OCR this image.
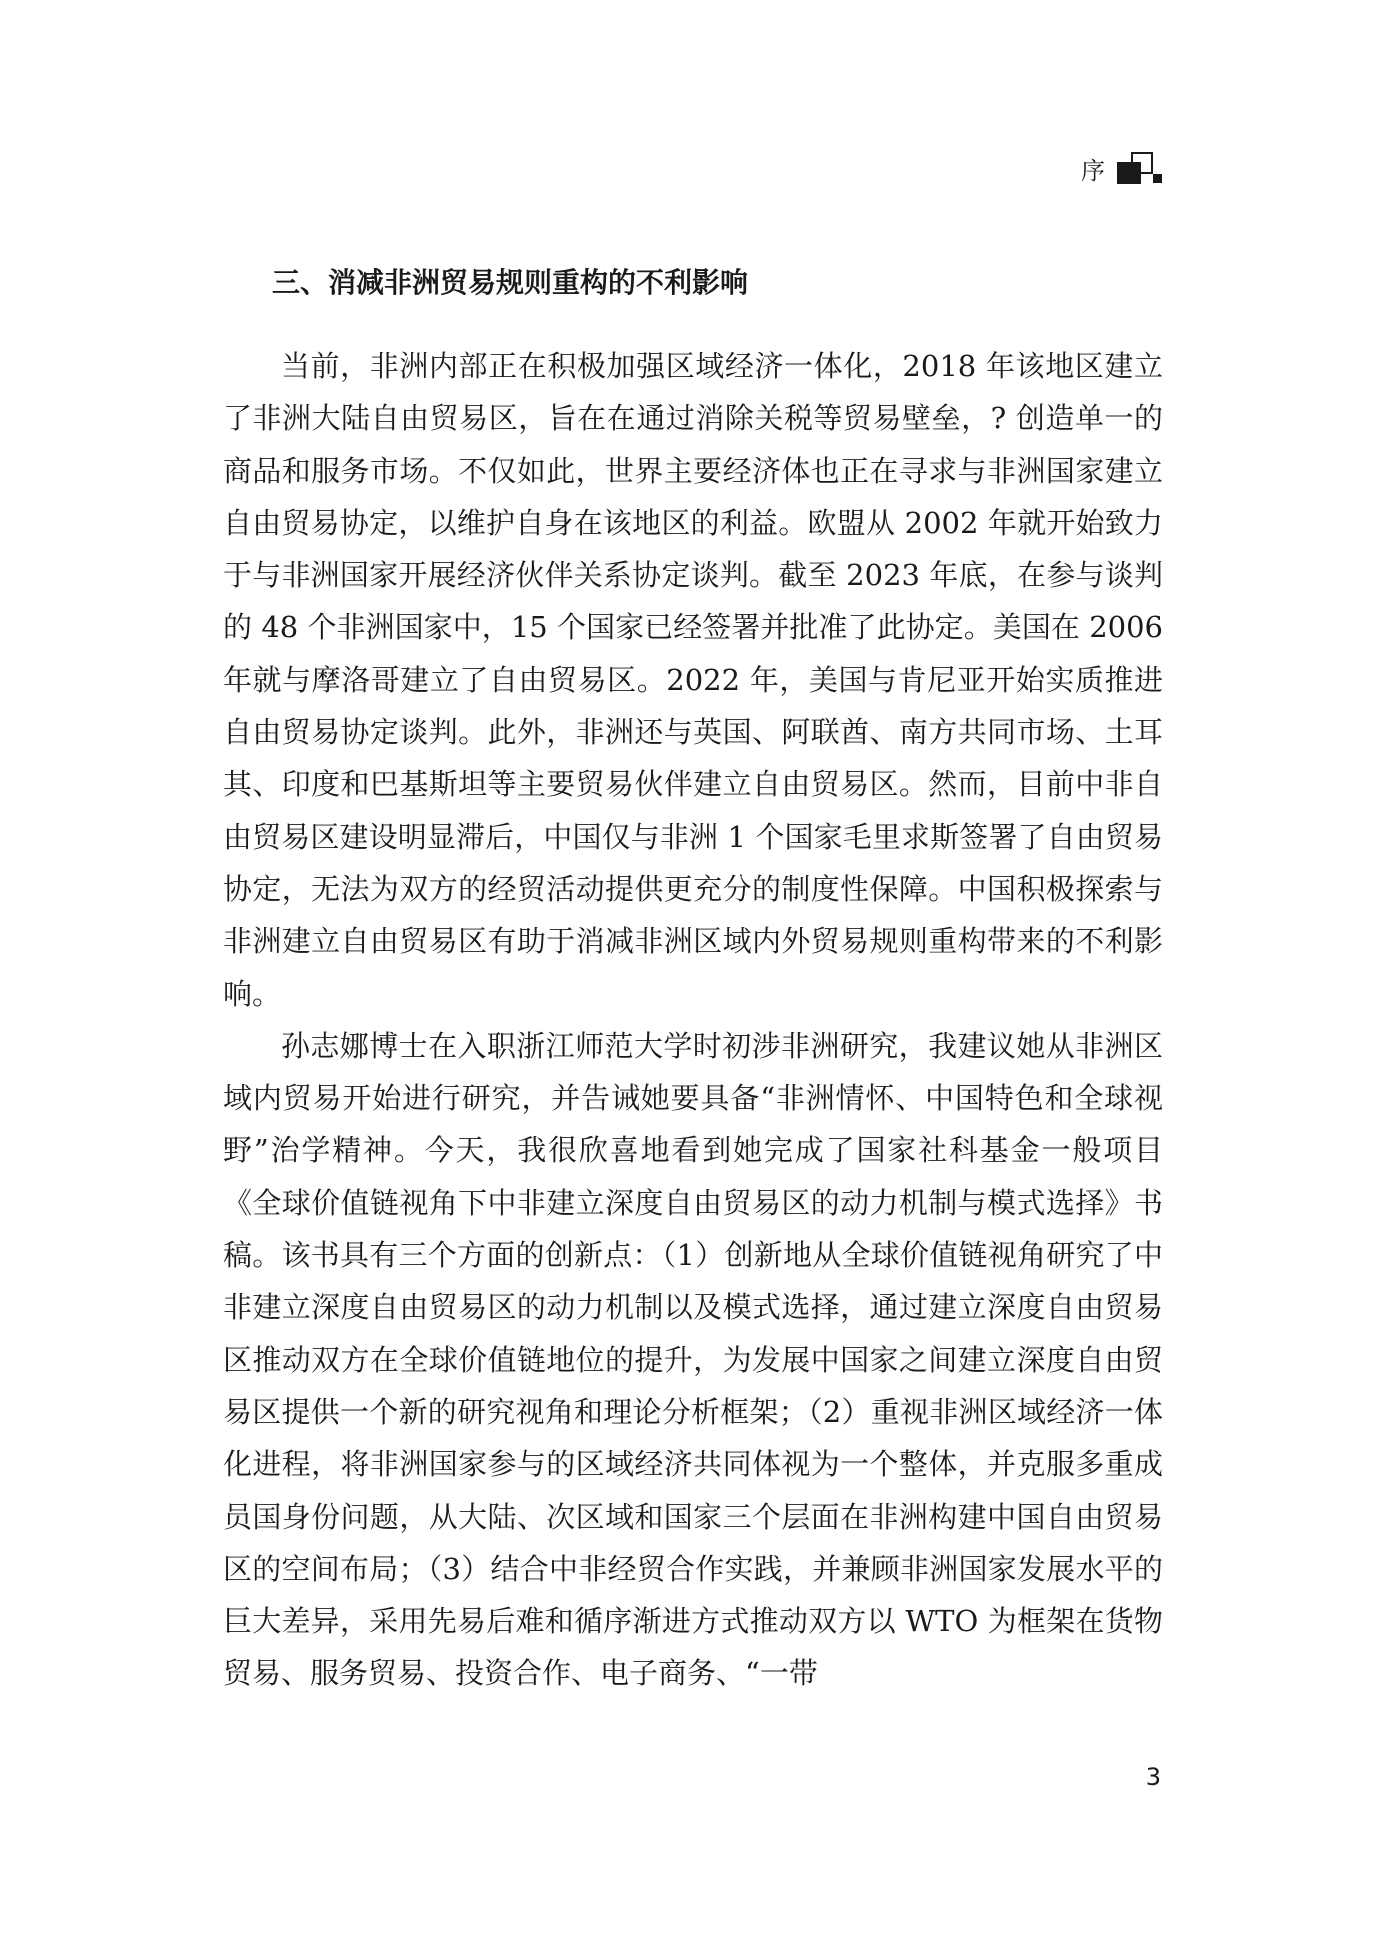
序
三、消减非洲贸易规则重构的不利影响

当前，非洲内部正在积极加强区域经济一体化，2018 年该地区建立了非洲大陆自由贸易区，旨在在通过消除关税等贸易壁垒，? 创造单一的商品和服务市场。不仅如此，世界主要经济体也正在寻求与非洲国家建立自由贸易协定，以维护自身在该地区的利益。欧盟从 2002 年就开始致力于与非洲国家开展经济伙伴关系协定谈判。截至 2023 年底，在参与谈判的 48 个非洲国家中，15 个国家已经签署并批准了此协定。美国在 2006 年就与摩洛哥建立了自由贸易区。2022 年，美国与肯尼亚开始实质推进自由贸易协定谈判。此外，非洲还与英国、阿联酋、南方共同市场、土耳其、印度和巴基斯坦等主要贸易伙伴建立自由贸易区。然而，目前中非自由贸易区建设明显滞后，中国仅与非洲 1 个国家毛里求斯签署了自由贸易协定，无法为双方的经贸活动提供更充分的制度性保障。中国积极探索与非洲建立自由贸易区有助于消减非洲区域内外贸易规则重构带来的不利影响。

孙志娜博士在入职浙江师范大学时初涉非洲研究，我建议她从非洲区域内贸易开始进行研究，并告诫她要具备“非洲情怀、中国特色和全球视野”治学精神。今天，我很欣喜地看到她完成了国家社科基金一般项目《全球价值链视角下中非建立深度自由贸易区的动力机制与模式选择》书稿。该书具有三个方面的创新点：（1）创新地从全球价值链视角研究了中非建立深度自由贸易区的动力机制以及模式选择，通过建立深度自由贸易区推动双方在全球价值链地位的提升，为发展中国家之间建立深度自由贸易区提供一个新的研究视角和理论分析框架；（2）重视非洲区域经济一体化进程，将非洲国家参与的区域经济共同体视为一个整体，并克服多重成员国身份问题，从大陆、次区域和国家三个层面在非洲构建中国自由贸易区的空间布局；（3）结合中非经贸合作实践，并兼顾非洲国家发展水平的巨大差异，采用先易后难和循序渐进方式推动双方以 WTO 为框架在货物贸易、服务贸易、投资合作、电子商务、“一带

3
